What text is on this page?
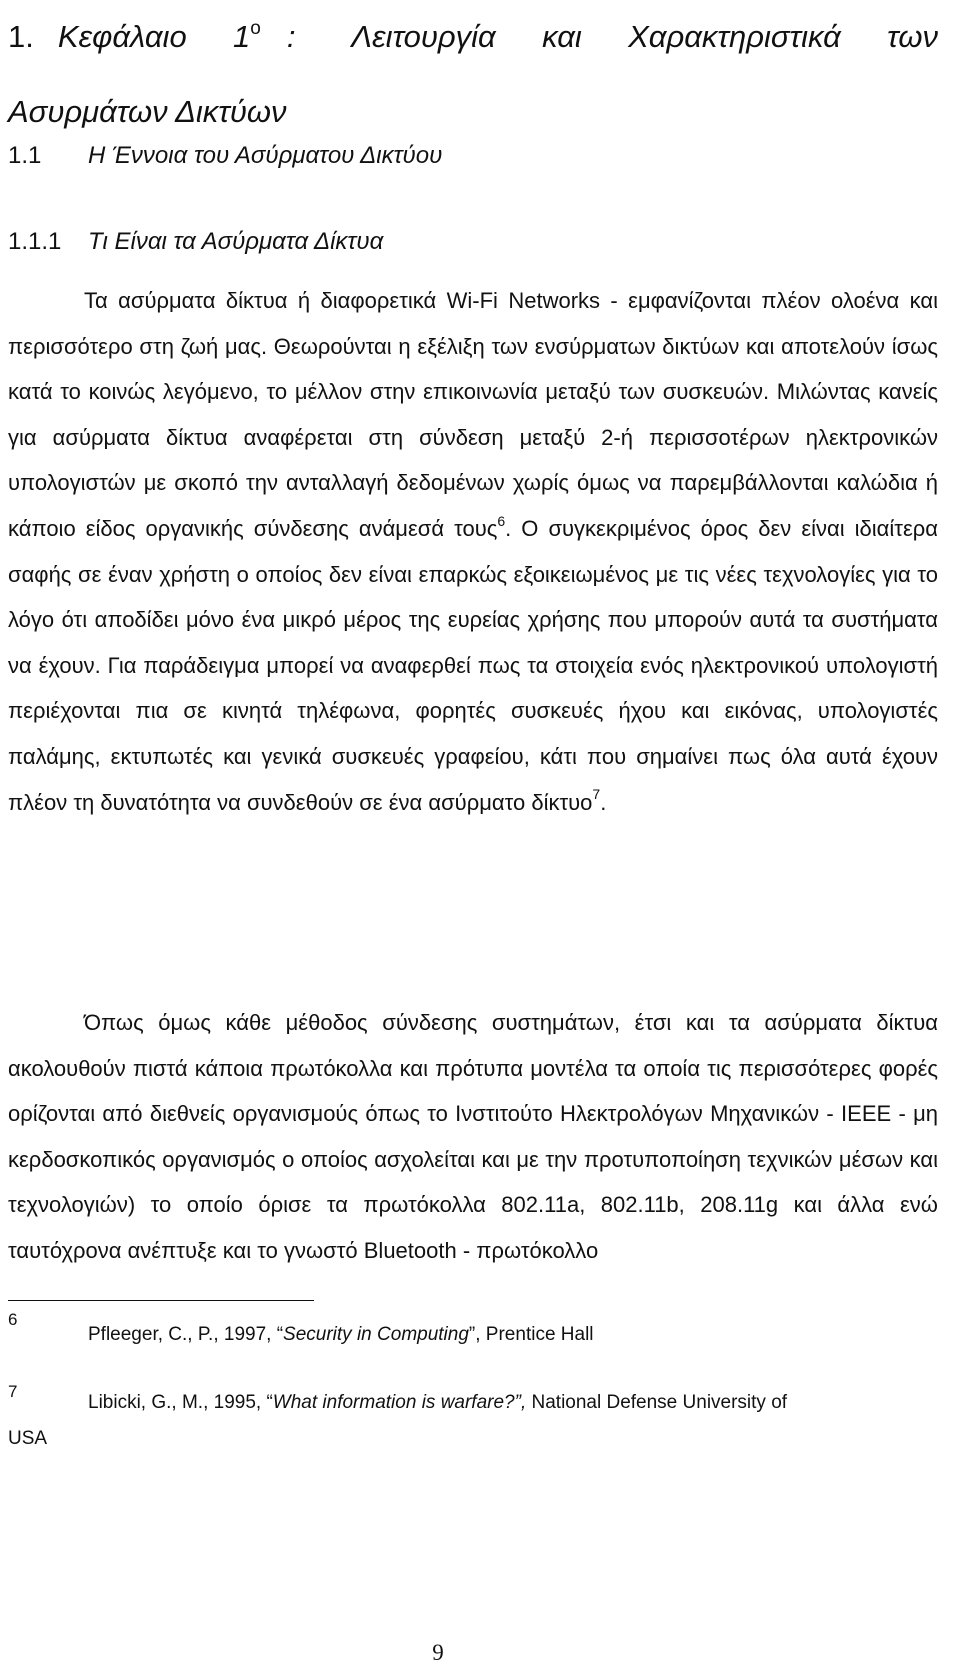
1. Κεφάλαιο $1^o$ : Λειτουργία και Χαρακτηριστικά των
Ασυρμάτων Δικτύων
1.1 Η Έννοια του Ασύρματου Δικτύου
1.1.1 Τι Είναι τα Ασύρματα Δίκτυα

Τα ασύρματα δίκτυα ή διαφορετικά Wi-Fi Networks - εμφανίζονται πλέον ολοένα και περισσότερο στη ζωή μας. Θεωρούνται η εξέλιξη των ενσύρματων δικτύων και αποτελούν ίσως κατά το κοινώς λεγόμενο, το μέλλον στην επικοινωνία μεταξύ των συσκευών. Μιλώντας κανείς για ασύρματα δίκτυα αναφέρεται στη σύνδεση μεταξύ 2-ή περισσοτέρων ηλεκτρονικών υπολογιστών με σκοπό την ανταλλαγή δεδομένων χωρίς όμως να παρεμβάλλονται καλώδια ή κάποιο είδος οργανικής σύνδεσης ανάμεσά τους$^6$. Ο συγκεκριμένος όρος δεν είναι ιδιαίτερα σαφής σε έναν χρήστη ο οποίος δεν είναι επαρκώς εξοικειωμένος με τις νέες τεχνολογίες για το λόγο ότι αποδίδει μόνο ένα μικρό μέρος της ευρείας χρήσης που μπορούν αυτά τα συστήματα να έχουν. Για παράδειγμα μπορεί να αναφερθεί πως τα στοιχεία ενός ηλεκτρονικού υπολογιστή περιέχονται πια σε κινητά τηλέφωνα, φορητές συσκευές ήχου και εικόνας, υπολογιστές παλάμης, εκτυπωτές και γενικά συσκευές γραφείου, κάτι που σημαίνει πως όλα αυτά έχουν πλέον τη δυνατότητα να συνδεθούν σε ένα ασύρματο δίκτυο$^7$.

Όπως όμως κάθε μέθοδος σύνδεσης συστημάτων, έτσι και τα ασύρματα δίκτυα ακολουθούν πιστά κάποια πρωτόκολλα και πρότυπα μοντέλα τα οποία τις περισσότερες φορές ορίζονται από διεθνείς οργανισμούς όπως το Ινστιτούτο Ηλεκτρολόγων Μηχανικών - IEEE - μη κερδοσκοπικός οργανισμός ο οποίος ασχολείται και με την προτυποποίηση τεχνικών μέσων και τεχνολογιών) το οποίο όρισε τα πρωτόκολλα 802.11a, 802.11b, 208.11g και άλλα ενώ ταυτόχρονα ανέπτυξε και το γνωστό Bluetooth - πρωτόκολλο

6
Pfleeger, C., P., 1997, “Security in Computing”, Prentice Hall
7
Libicki, G., M., 1995, “What information is warfare?”, National Defense University of
USA
9
